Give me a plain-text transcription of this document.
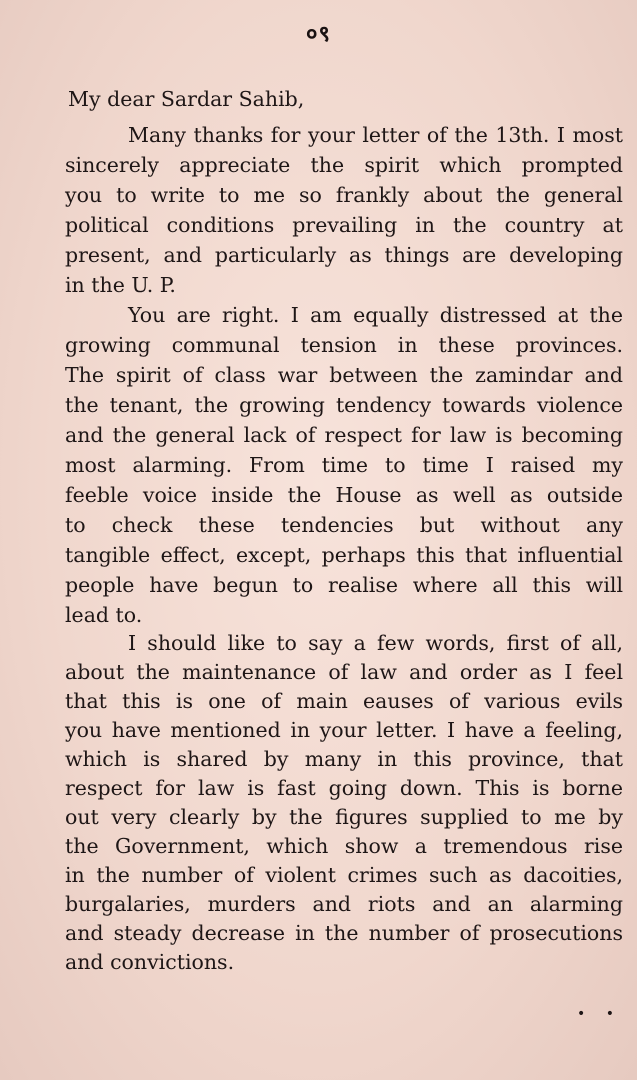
०९
My dear Sardar Sahib,
Many thanks for your letter of the 13th. I most
sincerely appreciate the spirit which prompted
you to write to me so frankly about the general
political conditions prevailing in the country at
present, and particularly as things are developing
in the U. P.
You are right. I am equally distressed at the
growing communal tension in these provinces.
The spirit of class war between the zamindar and
the tenant, the growing tendency towards violence
and the general lack of respect for law is becoming
most alarming. From time to time I raised my
feeble voice inside the House as well as outside
to check these tendencies but without any
tangible effect, except, perhaps this that influential
people have begun to realise where all this will
lead to.
I should like to say a few words, first of all,
about the maintenance of law and order as I feel
that this is one of main eauses of various evils
you have mentioned in your letter. I have a feeling,
which is shared by many in this province, that
respect for law is fast going down. This is borne
out very clearly by the figures supplied to me by
the Government, which show a tremendous rise
in the number of violent crimes such as dacoities,
burgalaries, murders and riots and an alarming
and steady decrease in the number of prosecutions
and convictions.
• •
